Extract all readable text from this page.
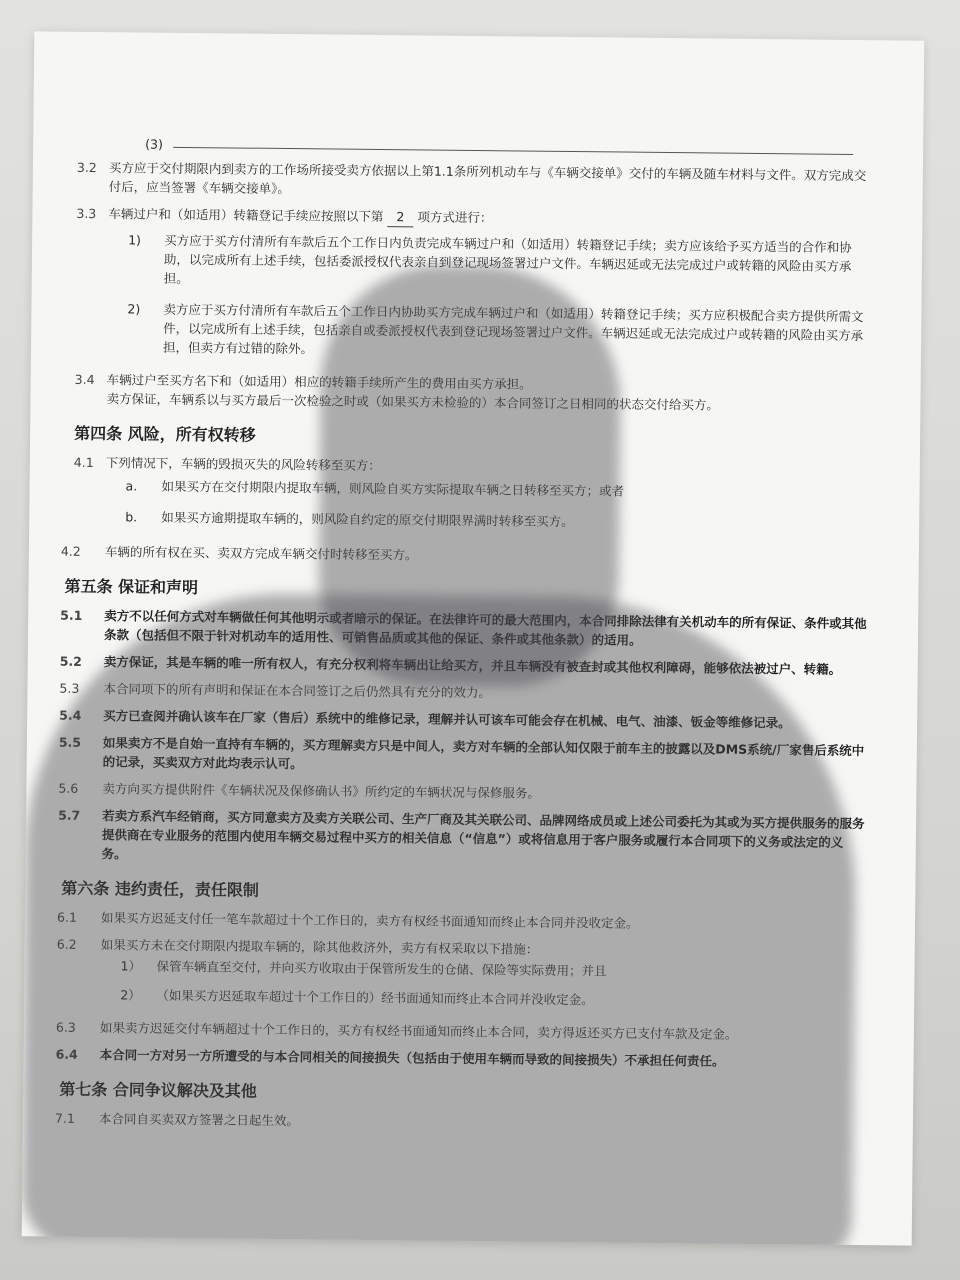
(3)
3.2 买方应于交付期限内到卖方的工作场所接受卖方依据以上第1.1条所列机动车与《车辆交接单》交付的车辆及随车材料与文件。双方完成交付后，应当签署《车辆交接单》。
3.3 车辆过户和（如适用）转籍登记手续应按照以下第 2 项方式进行：
1) 买方应于买方付清所有车款后五个工作日内负责完成车辆过户和（如适用）转籍登记手续；卖方应该给予买方适当的合作和协助，以完成所有上述手续，包括委派授权代表亲自到登记现场签署过户文件。车辆迟延或无法完成过户或转籍的风险由买方承担。
2) 卖方应于买方付清所有车款后五个工作日内协助买方完成车辆过户和（如适用）转籍登记手续；买方应积极配合卖方提供所需文件，以完成所有上述手续，包括亲自或委派授权代表到登记现场签署过户文件。车辆迟延或无法完成过户或转籍的风险由买方承担，但卖方有过错的除外。
3.4 车辆过户至买方名下和（如适用）相应的转籍手续所产生的费用由买方承担。
卖方保证，车辆系以与买方最后一次检验之时或（如果买方未检验的）本合同签订之日相同的状态交付给买方。
第四条 风险，所有权转移
4.1 下列情况下，车辆的毁损灭失的风险转移至买方：
a. 如果买方在交付期限内提取车辆，则风险自买方实际提取车辆之日转移至买方；或者
b. 如果买方逾期提取车辆的，则风险自约定的原交付期限界满时转移至买方。
4.2 车辆的所有权在买、卖双方完成车辆交付时转移至买方。
第五条 保证和声明
5.1 卖方不以任何方式对车辆做任何其他明示或者暗示的保证。在法律许可的最大范围内，本合同排除法律有关机动车的所有保证、条件或其他条款（包括但不限于针对机动车的适用性、可销售品质或其他的保证、条件或其他条款）的适用。
5.2 卖方保证，其是车辆的唯一所有权人，有充分权利将车辆出让给买方，并且车辆没有被查封或其他权利障碍，能够依法被过户、转籍。
5.3 本合同项下的所有声明和保证在本合同签订之后仍然具有充分的效力。
5.4 买方已查阅并确认该车在厂家（售后）系统中的维修记录，理解并认可该车可能会存在机械、电气、油漆、钣金等维修记录。
5.5 如果卖方不是自始一直持有车辆的，买方理解卖方只是中间人，卖方对车辆的全部认知仅限于前车主的披露以及DMS系统/厂家售后系统中的记录，买卖双方对此均表示认可。
5.6 卖方向买方提供附件《车辆状况及保修确认书》所约定的车辆状况与保修服务。
5.7 若卖方系汽车经销商，买方同意卖方及卖方关联公司、生产厂商及其关联公司、品牌网络成员或上述公司委托为其或为买方提供服务的服务提供商在专业服务的范围内使用车辆交易过程中买方的相关信息（“信息”）或将信息用于客户服务或履行本合同项下的义务或法定的义务。
第六条 违约责任，责任限制
6.1 如果买方迟延支付任一笔车款超过十个工作日的，卖方有权经书面通知而终止本合同并没收定金。
6.2 如果买方未在交付期限内提取车辆的，除其他救济外，卖方有权采取以下措施：
1） 保管车辆直至交付，并向买方收取由于保管所发生的仓储、保险等实际费用；并且
2） （如果买方迟延取车超过十个工作日的）经书面通知而终止本合同并没收定金。
6.3 如果卖方迟延交付车辆超过十个工作日的，买方有权经书面通知而终止本合同，卖方得返还买方已支付车款及定金。
6.4 本合同一方对另一方所遭受的与本合同相关的间接损失（包括由于使用车辆而导致的间接损失）不承担任何责任。
第七条 合同争议解决及其他
7.1 本合同自买卖双方签署之日起生效。
